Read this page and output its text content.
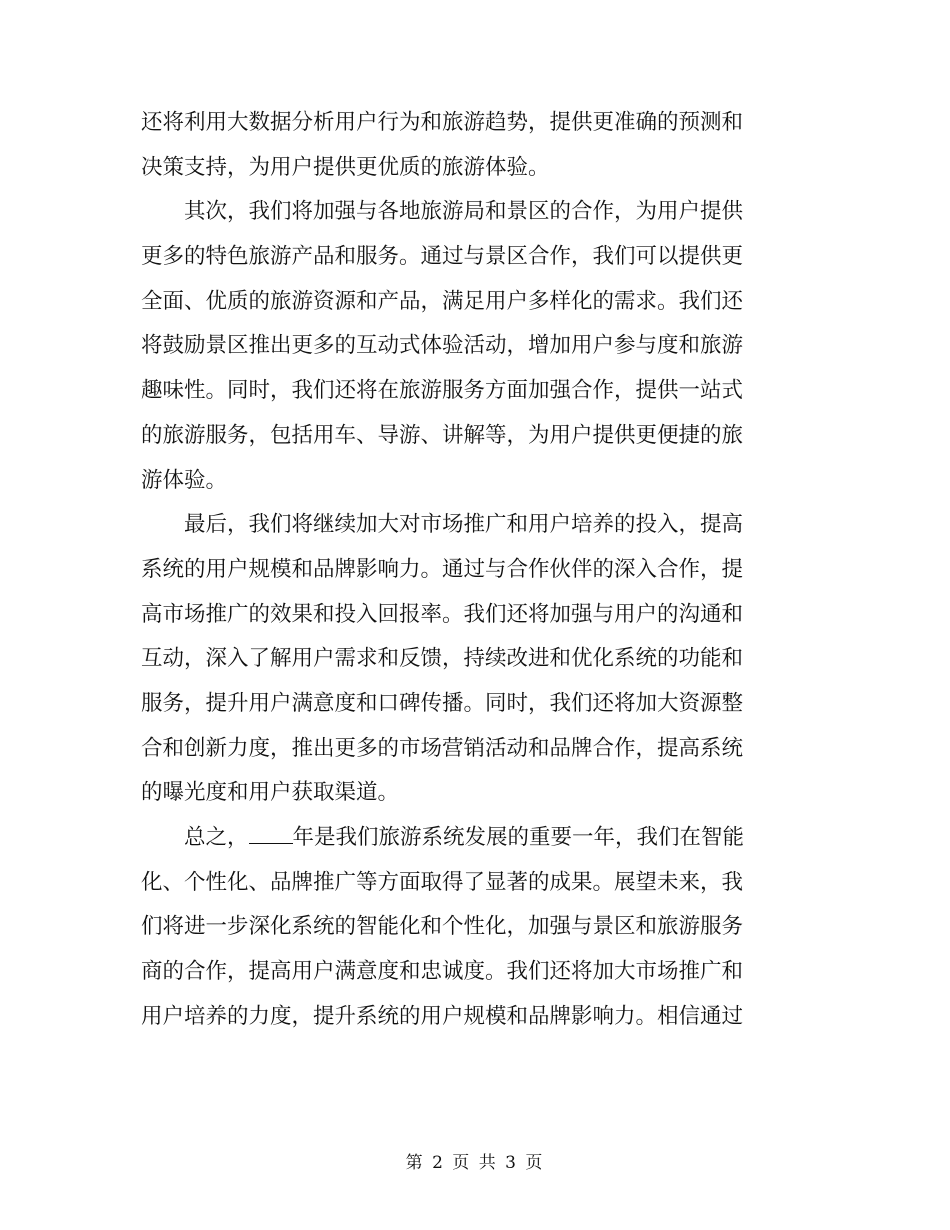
还将利用大数据分析用户行为和旅游趋势，提供更准确的预测和
决策支持，为用户提供更优质的旅游体验。
　　其次，我们将加强与各地旅游局和景区的合作，为用户提供
更多的特色旅游产品和服务。通过与景区合作，我们可以提供更
全面、优质的旅游资源和产品，满足用户多样化的需求。我们还
将鼓励景区推出更多的互动式体验活动，增加用户参与度和旅游
趣味性。同时，我们还将在旅游服务方面加强合作，提供一站式
的旅游服务，包括用车、导游、讲解等，为用户提供更便捷的旅
游体验。
　　最后，我们将继续加大对市场推广和用户培养的投入，提高
系统的用户规模和品牌影响力。通过与合作伙伴的深入合作，提
高市场推广的效果和投入回报率。我们还将加强与用户的沟通和
互动，深入了解用户需求和反馈，持续改进和优化系统的功能和
服务，提升用户满意度和口碑传播。同时，我们还将加大资源整
合和创新力度，推出更多的市场营销活动和品牌合作，提高系统
的曝光度和用户获取渠道。
　　总之， 年是我们旅游系统发展的重要一年，我们在智能
化、个性化、品牌推广等方面取得了显著的成果。展望未来，我
们将进一步深化系统的智能化和个性化，加强与景区和旅游服务
商的合作，提高用户满意度和忠诚度。我们还将加大市场推广和
用户培养的力度，提升系统的用户规模和品牌影响力。相信通过
第 2 页 共 3 页
